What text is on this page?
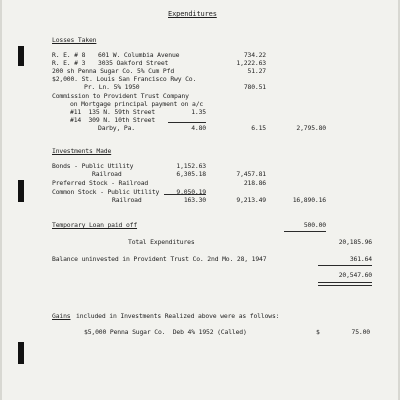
Expenditures
Losses Taken
R. E. # 8 601 W. Columbia Avenue	734.22
R. E. # 3 3035 Oakford Street	1,222.63
200 sh Penna Sugar Co. 5% Cum Pfd	51.27
$2,000. St. Louis San Francisco Rwy Co.
Pr. Ln. 5% 1950	780.51
Commission to Provident Trust Company
on Mortgage principal payment on a/c
#11  135 N. 59th Street	1.35
#14  309 N. 10th Street
Darby, Pa.	4.80	6.15	2,795.80
Investments Made
Bonds - Public Utility	1,152.63
Railroad	6,305.18	7,457.81
Preferred Stock - Railroad	218.86
Common Stock - Public Utility	9,050.19
Railroad	163.30	9,213.49	16,890.16
Temporary Loan paid off	500.00
Total Expenditures	20,185.96
Balance uninvested in Provident Trust Co. 2nd Mo. 28, 1947	361.64
20,547.60
Gains included in Investments Realized above were as follows:
$5,000 Penna Sugar Co.  Deb 4% 1952 (Called)	$	75.00
